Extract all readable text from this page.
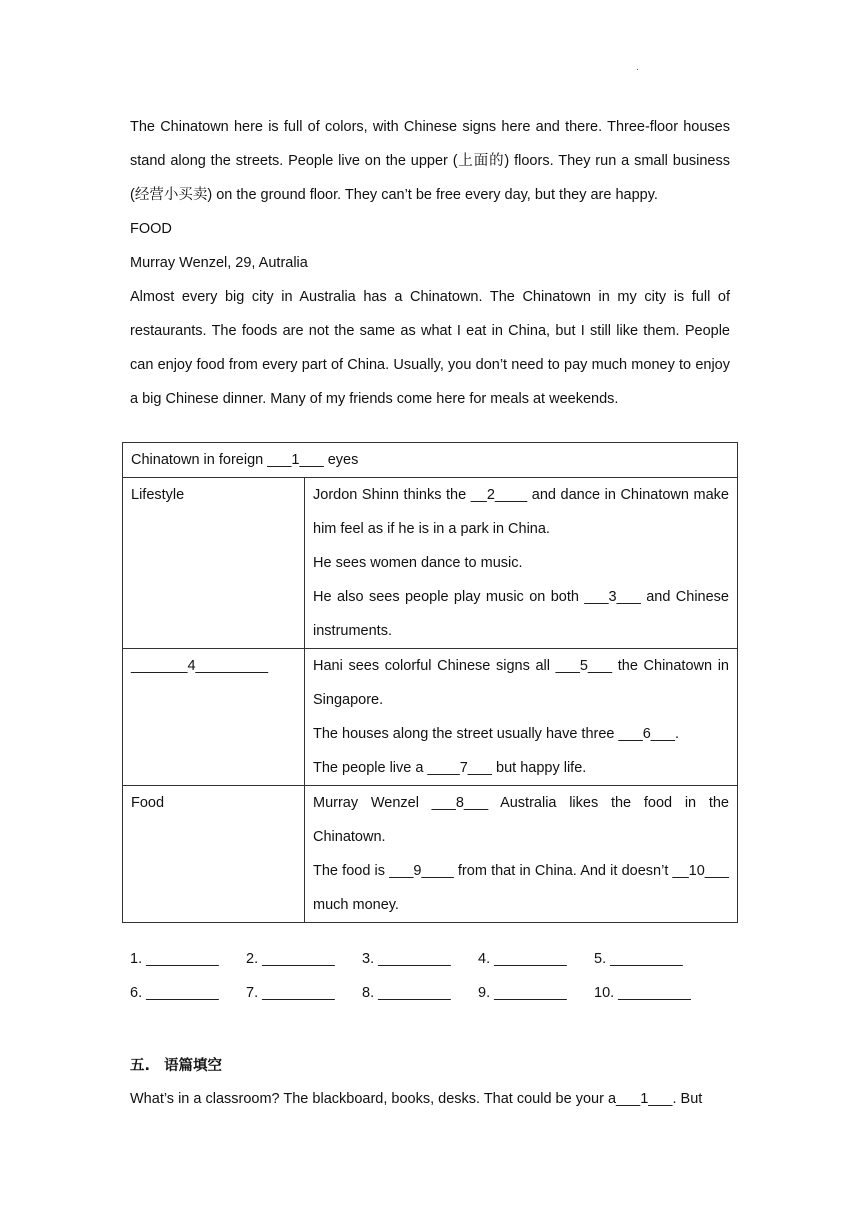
.

The Chinatown here is full of colors, with Chinese signs here and there. Three-floor houses stand along the streets. People live on the upper (上面的) floors. They run a small business (经营小买卖) on the ground floor. They can’t be free every day, but they are happy.

FOOD

Murray Wenzel, 29, Autralia

Almost every big city in Australia has a Chinatown. The Chinatown in my city is full of restaurants. The foods are not the same as what I eat in China, but I still like them. People can enjoy food from every part of China. Usually, you don’t need to pay much money to enjoy a big Chinese dinner. Many of my friends come here for meals at weekends.

Chinatown in foreign ___1___ eyes	
Lifestyle	Jordon Shinn thinks the __2____ and dance in Chinatown make him feel as if he is in a park in China.

He sees women dance to music.

He also sees people play music on both ___3___ and Chinese instruments.

_______4_________	Hani sees colorful Chinese signs all ___5___ the Chinatown in Singapore.

The houses along the street usually have three ___6___.

The people live a ____7___ but happy life.

Food	Murray Wenzel ___8___ Australia likes the food in the Chinatown.

The food is ___9____ from that in China. And it doesn’t __10___ much money.

1. _________	2. _________	3. _________	4. _________	5. _________
6. _________	7. _________	8. _________	9. _________	10. _________
五. 语篇填空

What’s in a classroom? The blackboard, books, desks. That could be your a___1___. But
